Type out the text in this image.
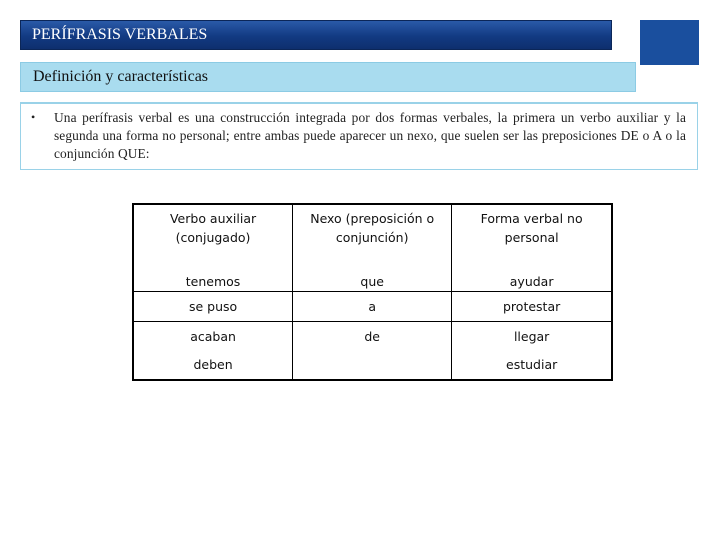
PERÍFRASIS VERBALES
Definición y características
• Una perífrasis verbal es una construcción integrada por dos formas verbales, la primera un verbo auxiliar y la segunda una forma no personal; entre ambas puede aparecer un nexo, que suelen ser las preposiciones DE o A o la conjunción QUE:
Verbo auxiliar (conjugado)	Nexo (preposición o conjunción)	Forma verbal no personal
tenemos	que	ayudar
se puso	a	protestar
acaban	de	llegar
deben		estudiar
